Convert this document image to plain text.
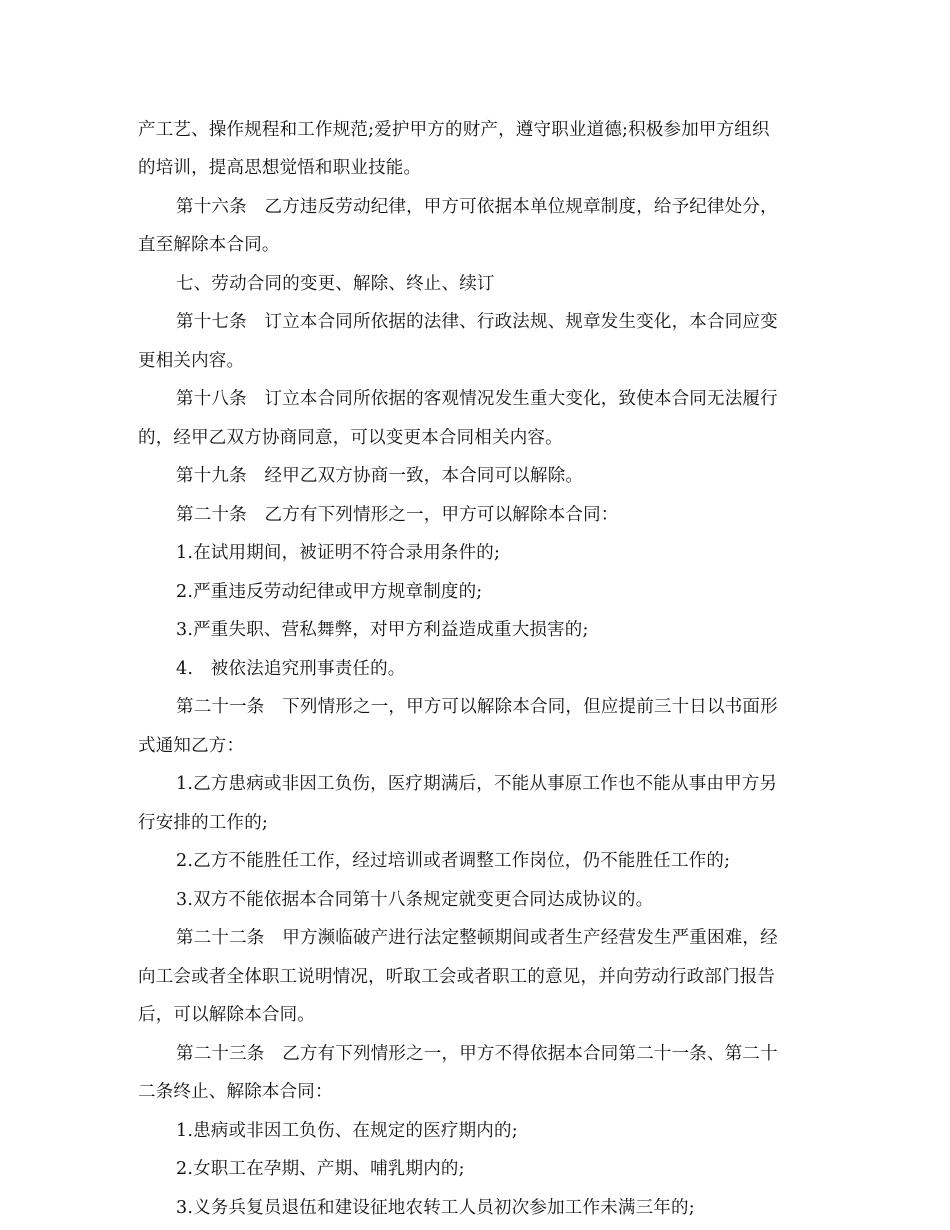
产工艺、操作规程和工作规范;爱护甲方的财产，遵守职业道德;积极参加甲方组织
的培训，提高思想觉悟和职业技能。
第十六条　乙方违反劳动纪律，甲方可依据本单位规章制度，给予纪律处分，
直至解除本合同。
七、劳动合同的变更、解除、终止、续订
第十七条　订立本合同所依据的法律、行政法规、规章发生变化，本合同应变
更相关内容。
第十八条　订立本合同所依据的客观情况发生重大变化，致使本合同无法履行
的，经甲乙双方协商同意，可以变更本合同相关内容。
第十九条　经甲乙双方协商一致，本合同可以解除。
第二十条　乙方有下列情形之一，甲方可以解除本合同：
1.在试用期间，被证明不符合录用条件的;
2.严重违反劳动纪律或甲方规章制度的;
3.严重失职、营私舞弊，对甲方利益造成重大损害的;
4.　被依法追究刑事责任的。
第二十一条　下列情形之一，甲方可以解除本合同，但应提前三十日以书面形
式通知乙方：
1.乙方患病或非因工负伤，医疗期满后，不能从事原工作也不能从事由甲方另
行安排的工作的;
2.乙方不能胜任工作，经过培训或者调整工作岗位，仍不能胜任工作的;
3.双方不能依据本合同第十八条规定就变更合同达成协议的。
第二十二条　甲方濒临破产进行法定整顿期间或者生产经营发生严重困难，经
向工会或者全体职工说明情况，听取工会或者职工的意见，并向劳动行政部门报告
后，可以解除本合同。
第二十三条　乙方有下列情形之一，甲方不得依据本合同第二十一条、第二十
二条终止、解除本合同：
1.患病或非因工负伤、在规定的医疗期内的;
2.女职工在孕期、产期、哺乳期内的;
3.义务兵复员退伍和建设征地农转工人员初次参加工作未满三年的;
